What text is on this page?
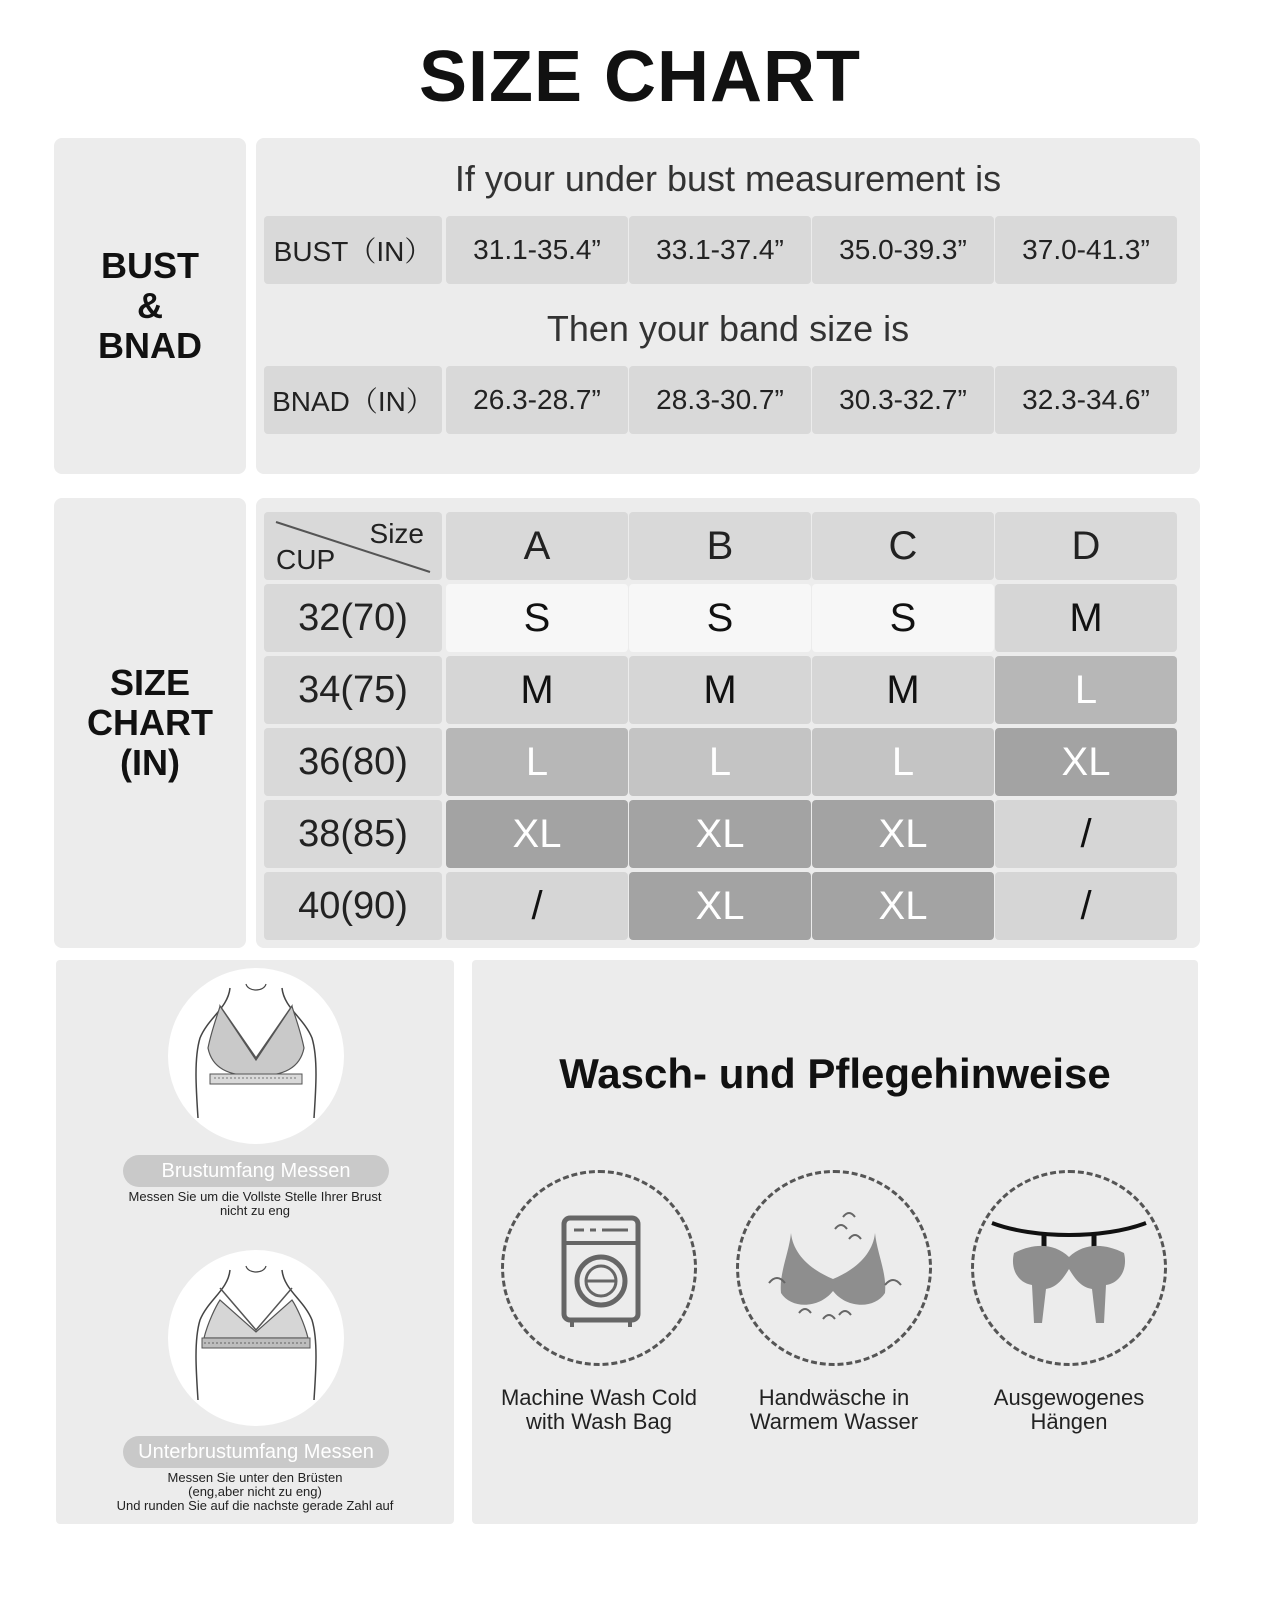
SIZE CHART
BUST
&
BNAD
If your under bust measurement is
BUST（IN）	31.1-35.4”	33.1-37.4”	35.0-39.3”	37.0-41.3”
Then your band size is
BNAD（IN）	26.3-28.7”	28.3-30.7”	30.3-32.7”	32.3-34.6”
SIZE
CHART
(IN)
Size
CUP	A	B	C	D
32(70)	S	S	S	M
34(75)	M	M	M	L
36(80)	L	L	L	XL
38(85)	XL	XL	XL	/
40(90)	/	XL	XL	/
Brustumfang Messen
Messen Sie um die Vollste Stelle Ihrer Brust
nicht zu eng
Unterbrustumfang Messen
Messen Sie unter den Brüsten
(eng,aber nicht zu eng)
Und runden Sie auf die nachste gerade Zahl auf
Wasch- und Pflegehinweise
Machine Wash Cold
with Wash Bag
Handwäsche in
Warmem Wasser
Ausgewogenes
Hängen
